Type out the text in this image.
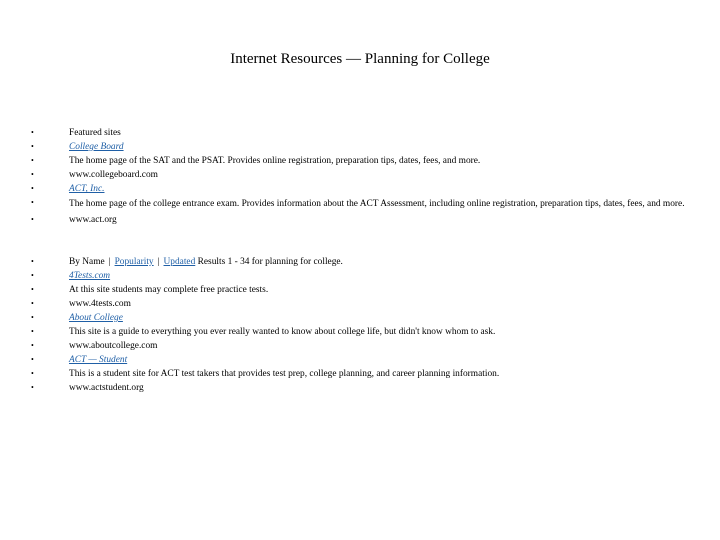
Internet Resources — Planning for College
• Featured sites
• College Board
• The home page of the SAT and the PSAT. Provides online registration, preparation tips, dates, fees, and more.
• www.collegeboard.com
• ACT, Inc.
• The home page of the college entrance exam. Provides information about the ACT Assessment, including online registration, preparation tips, dates, fees, and more.
• www.act.org
• By Name | Popularity | Updated Results 1 - 34 for planning for college.
• 4Tests.com
• At this site students may complete free practice tests.
• www.4tests.com
• About College
• This site is a guide to everything you ever really wanted to know about college life, but didn't know whom to ask.
• www.aboutcollege.com
• ACT — Student
• This is a student site for ACT test takers that provides test prep, college planning, and career planning information.
• www.actstudent.org
